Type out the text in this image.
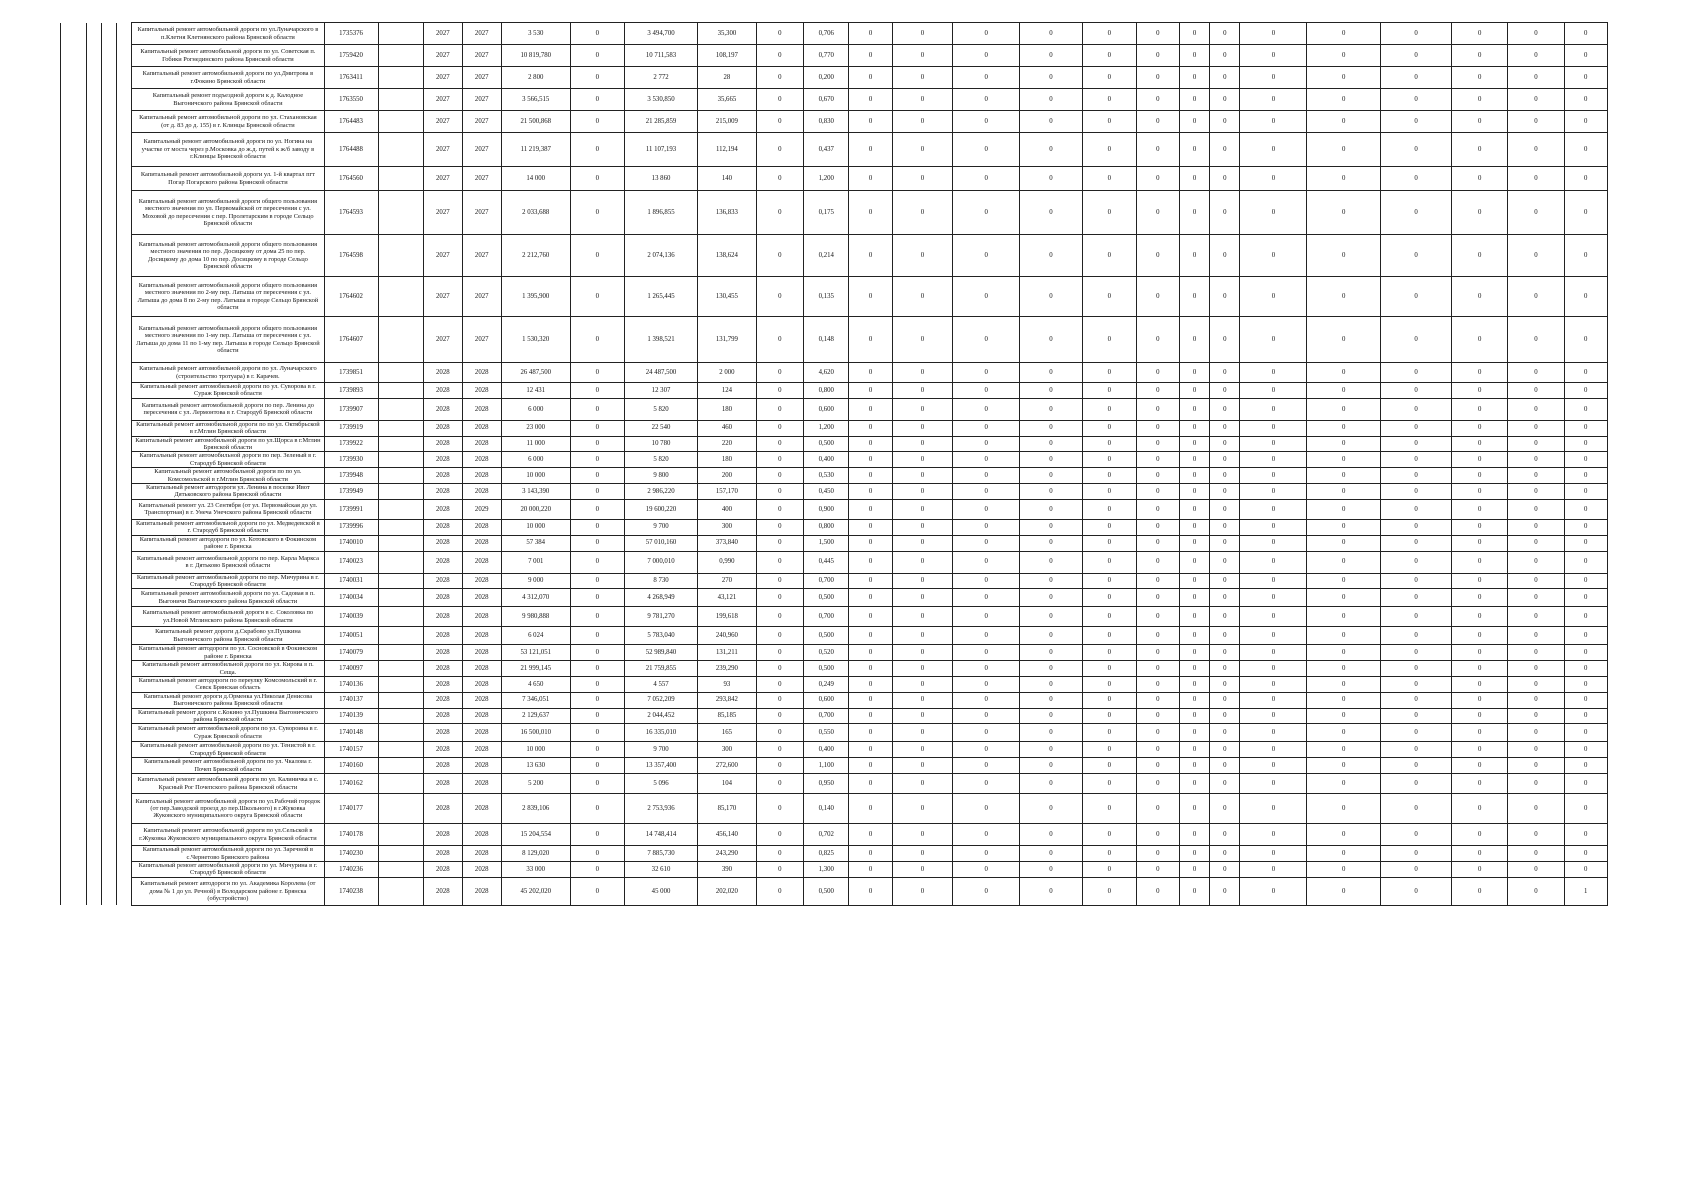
				Капитальный ремонт автомобильной дороги по ул.Луначарского в п.Клетня Клетнянского района Брянской области	1735376		2027	2027	3 530	0	3 494,700	35,300	0	0,706	0	0	0	0	0	0	0	0	0	0	0	0	0	0
				Капитальный ремонт автомобильной дороги по ул. Советская п. Гобики Рогнединского района Брянской области	1759420		2027	2027	10 819,780	0	10 711,583	108,197	0	0,770	0	0	0	0	0	0	0	0	0	0	0	0	0	0
				Капитальный ремонт автомобильной дороги по ул.Дмитрова в г.Фокино Брянской области	1763411		2027	2027	2 800	0	2 772	28	0	0,200	0	0	0	0	0	0	0	0	0	0	0	0	0	0
				Капитальный ремонт подъездной дороги к д. Калодное Выгоничского района Брянской области	1763550		2027	2027	3 566,515	0	3 530,850	35,665	0	0,670	0	0	0	0	0	0	0	0	0	0	0	0	0	0
				Капитальный ремонт автомобильной дороги по ул. Стахановская (от д. 83 до д. 155) в г. Клинцы Брянской области	1764483		2027	2027	21 500,868	0	21 285,859	215,009	0	0,830	0	0	0	0	0	0	0	0	0	0	0	0	0	0
				Капитальный ремонт автомобильной дороги по ул. Ногина на участке от моста через р.Московка до ж.д. путей к ж/б заводу в г.Клинцы Брянской области	1764488		2027	2027	11 219,387	0	11 107,193	112,194	0	0,437	0	0	0	0	0	0	0	0	0	0	0	0	0	0
				Капитальный ремонт автомобильной дороги ул. 1-й квартал пгт Погар Погарского района Брянской области	1764560		2027	2027	14 000	0	13 860	140	0	1,200	0	0	0	0	0	0	0	0	0	0	0	0	0	0
				Капитальный ремонт автомобильной дороги общего пользования местного значения по ул. Первомайской от пересечения с ул. Моховой до пересечения с пер. Пролетарским в городе Сельцо Брянской области	1764593		2027	2027	2 033,688	0	1 896,855	136,833	0	0,175	0	0	0	0	0	0	0	0	0	0	0	0	0	0
				Капитальный ремонт автомобильной дороги общего пользования местного значения по пер. Досицкому от дома 25 по пер. Досицкому до дома 10 по пер. Досицкому в городе Сельцо Брянской области	1764598		2027	2027	2 212,760	0	2 074,136	138,624	0	0,214	0	0	0	0	0	0	0	0	0	0	0	0	0	0
				Капитальный ремонт автомобильной дороги общего пользования местного значения по 2-му пер. Латыша от пересечения с ул. Латыша до дома 8 по 2-му пер. Латыша в городе Сельцо Брянской области	1764602		2027	2027	1 395,900	0	1 265,445	130,455	0	0,135	0	0	0	0	0	0	0	0	0	0	0	0	0	0
				Капитальный ремонт автомобильной дороги общего пользования местного значения по 1-му пер. Латыша от пересечения с ул. Латыша до дома 11 по 1-му пер. Латыша в городе Сельцо Брянской области	1764607		2027	2027	1 530,320	0	1 398,521	131,799	0	0,148	0	0	0	0	0	0	0	0	0	0	0	0	0	0
				Капитальный ремонт автомобильной дороги по ул. Луначарского (строительство тротуара) в г. Карачев.	1739851		2028	2028	26 487,500	0	24 487,500	2 000	0	4,620	0	0	0	0	0	0	0	0	0	0	0	0	0	0
				Капитальный ремонт автомобильной дороги по ул. Суворова в г. Сураж Брянской области	1739893		2028	2028	12 431	0	12 307	124	0	0,800	0	0	0	0	0	0	0	0	0	0	0	0	0	0
				Капитальный ремонт автомобильной дороги по пер. Ленина до пересечения с ул. Лермонтова в г. Стародуб Брянской области	1739907		2028	2028	6 000	0	5 820	180	0	0,600	0	0	0	0	0	0	0	0	0	0	0	0	0	0
				Капитальный ремонт автомобильной дороги по по ул. Октябрьской в г.Мглин Брянской области	1739919		2028	2028	23 000	0	22 540	460	0	1,200	0	0	0	0	0	0	0	0	0	0	0	0	0	0
				Капитальный ремонт автомобильной дороги по ул.Щорса в г.Мглин Брянской области	1739922		2028	2028	11 000	0	10 780	220	0	0,500	0	0	0	0	0	0	0	0	0	0	0	0	0	0
				Капитальный ремонт автомобильной дороги по пер. Зеленый в г. Стародуб Брянской области	1739930		2028	2028	6 000	0	5 820	180	0	0,400	0	0	0	0	0	0	0	0	0	0	0	0	0	0
				Капитальный ремонт автомобильной дороги по по ул. Комсомольской в г.Мглин Брянской области	1739948		2028	2028	10 000	0	9 800	200	0	0,530	0	0	0	0	0	0	0	0	0	0	0	0	0	0
				Капитальный ремонт автодороги ул. Ленина в поселке Ивот Дятьковского района Брянской области	1739949		2028	2028	3 143,390	0	2 986,220	157,170	0	0,450	0	0	0	0	0	0	0	0	0	0	0	0	0	0
				Капитальный ремонт ул. 23 Сентября (от ул. Первомайская до ул. Транспортная) в г. Унеча Унечского района Брянской области	1739991		2028	2029	20 000,220	0	19 600,220	400	0	0,900	0	0	0	0	0	0	0	0	0	0	0	0	0	0
				Капитальный ремонт автомобильной дороги по ул. Медведевской в г. Стародуб Брянской области	1739996		2028	2028	10 000	0	9 700	300	0	0,800	0	0	0	0	0	0	0	0	0	0	0	0	0	0
				Капитальный ремонт автодороги по ул. Котовского в Фокинском районе г. Брянска	1740010		2028	2028	57 384	0	57 010,160	373,840	0	1,500	0	0	0	0	0	0	0	0	0	0	0	0	0	0
				Капитальный ремонт автомобильной дороги по пер. Карла Маркса в г. Дятьково Брянской области	1740023		2028	2028	7 001	0	7 000,010	0,990	0	0,445	0	0	0	0	0	0	0	0	0	0	0	0	0	0
				Капитальный ремонт автомобильной дороги по пер. Мичурина в г. Стародуб Брянской области	1740031		2028	2028	9 000	0	8 730	270	0	0,700	0	0	0	0	0	0	0	0	0	0	0	0	0	0
				Капитальный ремонт автомобильной дороги по ул. Садовая в п. Выгоничи Выгоничского района Брянской области	1740034		2028	2028	4 312,070	0	4 268,949	43,121	0	0,500	0	0	0	0	0	0	0	0	0	0	0	0	0	0
				Капитальный ремонт автомобильной дороги в с. Соколовка по ул.Новой Мглинского района Брянской области	1740039		2028	2028	9 980,888	0	9 781,270	199,618	0	0,700	0	0	0	0	0	0	0	0	0	0	0	0	0	0
				Капитальный ремонт дороги д.Скрабово ул.Пушкина Выгоничского района Брянской области	1740051		2028	2028	6 024	0	5 783,040	240,960	0	0,500	0	0	0	0	0	0	0	0	0	0	0	0	0	0
				Капитальный ремонт автодороги по ул. Сосновской в Фокинском районе г. Брянска	1740079		2028	2028	53 121,051	0	52 989,840	131,211	0	0,520	0	0	0	0	0	0	0	0	0	0	0	0	0	0
				Капитальный ремонт автомобильной дороги по ул. Кирова в п. Сеща.	1740097		2028	2028	21 999,145	0	21 759,855	239,290	0	0,500	0	0	0	0	0	0	0	0	0	0	0	0	0	0
				Капитальный ремонт автодороги по переулку Комсомольский в г. Севск Брянская область	1740136		2028	2028	4 650	0	4 557	93	0	0,249	0	0	0	0	0	0	0	0	0	0	0	0	0	0
				Капитальный ремонт дороги д.Орменка ул.Николая Денисова Выгоничского района Брянской области	1740137		2028	2028	7 346,051	0	7 052,209	293,842	0	0,600	0	0	0	0	0	0	0	0	0	0	0	0	0	0
				Капитальный ремонт дороги с.Кокино ул.Пушкина Выгоничского района Брянской области	1740139		2028	2028	2 129,637	0	2 044,452	85,185	0	0,700	0	0	0	0	0	0	0	0	0	0	0	0	0	0
				Капитальный ремонт автомобильной дороги по ул. Сувороина в г. Сураж Брянской области	1740148		2028	2028	16 500,010	0	16 335,010	165	0	0,550	0	0	0	0	0	0	0	0	0	0	0	0	0	0
				Капитальный ремонт автомобильной дороги по ул. Тенистой в г. Стародуб Брянской области	1740157		2028	2028	10 000	0	9 700	300	0	0,400	0	0	0	0	0	0	0	0	0	0	0	0	0	0
				Капитальный ремонт автомобильной дороги по ул. Чкалова г. Почеп Брянской области	1740160		2028	2028	13 630	0	13 357,400	272,600	0	1,100	0	0	0	0	0	0	0	0	0	0	0	0	0	0
				Капитальный ремонт автомобильной дороги по ул. Калиничка в с. Красный Рог Почепского района Брянской области	1740162		2028	2028	5 200	0	5 096	104	0	0,950	0	0	0	0	0	0	0	0	0	0	0	0	0	0
				Капитальный ремонт автомобильной дороги по ул.Рабочий городок (от пер.Заводской проезд до пер.Школьного) в г.Жуковка Жуковского муниципального округа Брянской области	1740177		2028	2028	2 839,106	0	2 753,936	85,170	0	0,140	0	0	0	0	0	0	0	0	0	0	0	0	0	0
				Капитальный ремонт автомобильной дороги по ул.Сельской в г.Жуковка Жуковского муниципального округа Брянской области	1740178		2028	2028	15 204,554	0	14 748,414	456,140	0	0,702	0	0	0	0	0	0	0	0	0	0	0	0	0	0
				Капитальный ремонт автомобильной дороги по ул. Заречной в с.Чернетово Брянского района	1740230		2028	2028	8 129,020	0	7 885,730	243,290	0	0,825	0	0	0	0	0	0	0	0	0	0	0	0	0	0
				Капитальный ремонт автомобильной дороги по ул. Мичурина в г. Стародуб Брянской области	1740236		2028	2028	33 000	0	32 610	390	0	1,300	0	0	0	0	0	0	0	0	0	0	0	0	0	0
				Капитальный ремонт автодороги по ул. Академика Королева (от дома № 1 до ул. Речной) в Володарском районе г. Брянска (обустройство)	1740238		2028	2028	45 202,020	0	45 000	202,020	0	0,500	0	0	0	0	0	0	0	0	0	0	0	0	0	1
